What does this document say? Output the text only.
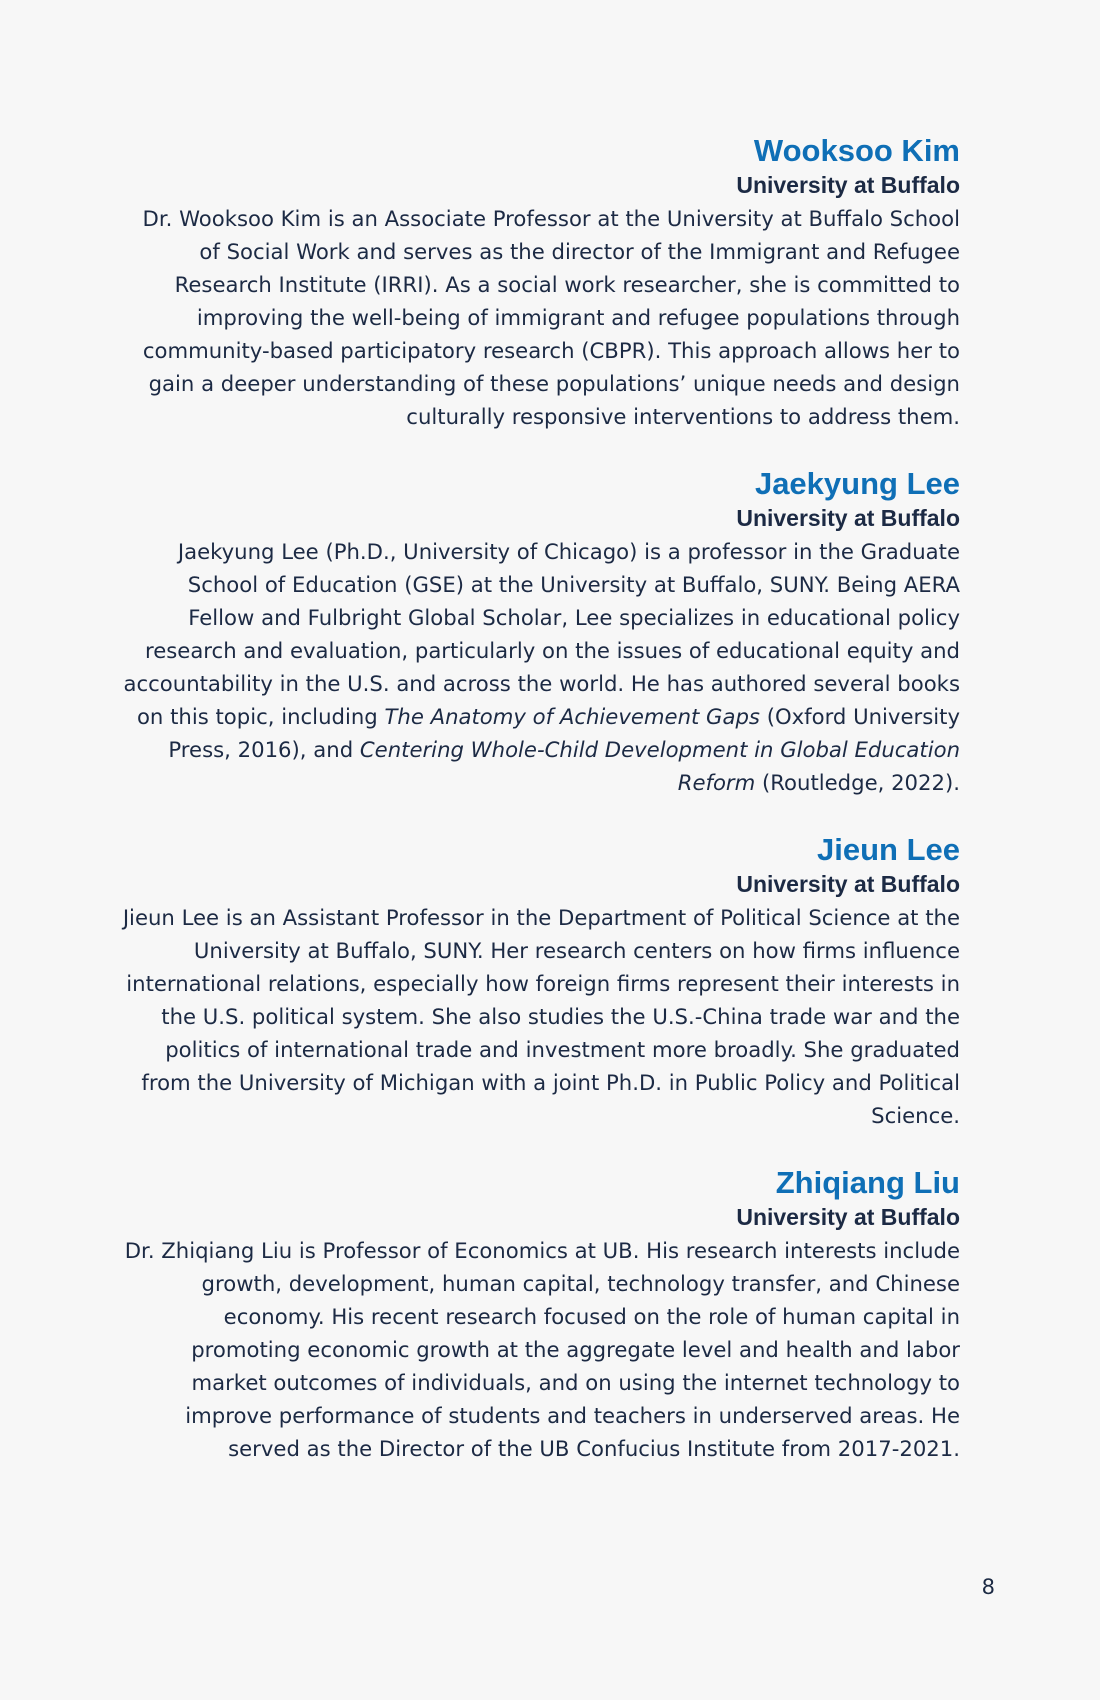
Wooksoo Kim
University at Buffalo

Dr. Wooksoo Kim is an Associate Professor at the University at Buffalo School of Social Work and serves as the director of the Immigrant and Refugee Research Institute (IRRI). As a social work researcher, she is committed to improving the well-being of immigrant and refugee populations through community-based participatory research (CBPR). This approach allows her to gain a deeper understanding of these populations’ unique needs and design culturally responsive interventions to address them.

Jaekyung Lee
University at Buffalo

Jaekyung Lee (Ph.D., University of Chicago) is a professor in the Graduate School of Education (GSE) at the University at Buffalo, SUNY. Being AERA Fellow and Fulbright Global Scholar, Lee specializes in educational policy research and evaluation, particularly on the issues of educational equity and accountability in the U.S. and across the world. He has authored several books on this topic, including The Anatomy of Achievement Gaps (Oxford University Press, 2016), and Centering Whole-Child Development in Global Education Reform (Routledge, 2022).

Jieun Lee
University at Buffalo

Jieun Lee is an Assistant Professor in the Department of Political Science at the University at Buffalo, SUNY. Her research centers on how firms influence international relations, especially how foreign firms represent their interests in the U.S. political system. She also studies the U.S.-China trade war and the politics of international trade and investment more broadly. She graduated from the University of Michigan with a joint Ph.D. in Public Policy and Political Science.

Zhiqiang Liu
University at Buffalo

Dr. Zhiqiang Liu is Professor of Economics at UB. His research interests include growth, development, human capital, technology transfer, and Chinese economy. His recent research focused on the role of human capital in promoting economic growth at the aggregate level and health and labor market outcomes of individuals, and on using the internet technology to improve performance of students and teachers in underserved areas. He served as the Director of the UB Confucius Institute from 2017-2021.

8
